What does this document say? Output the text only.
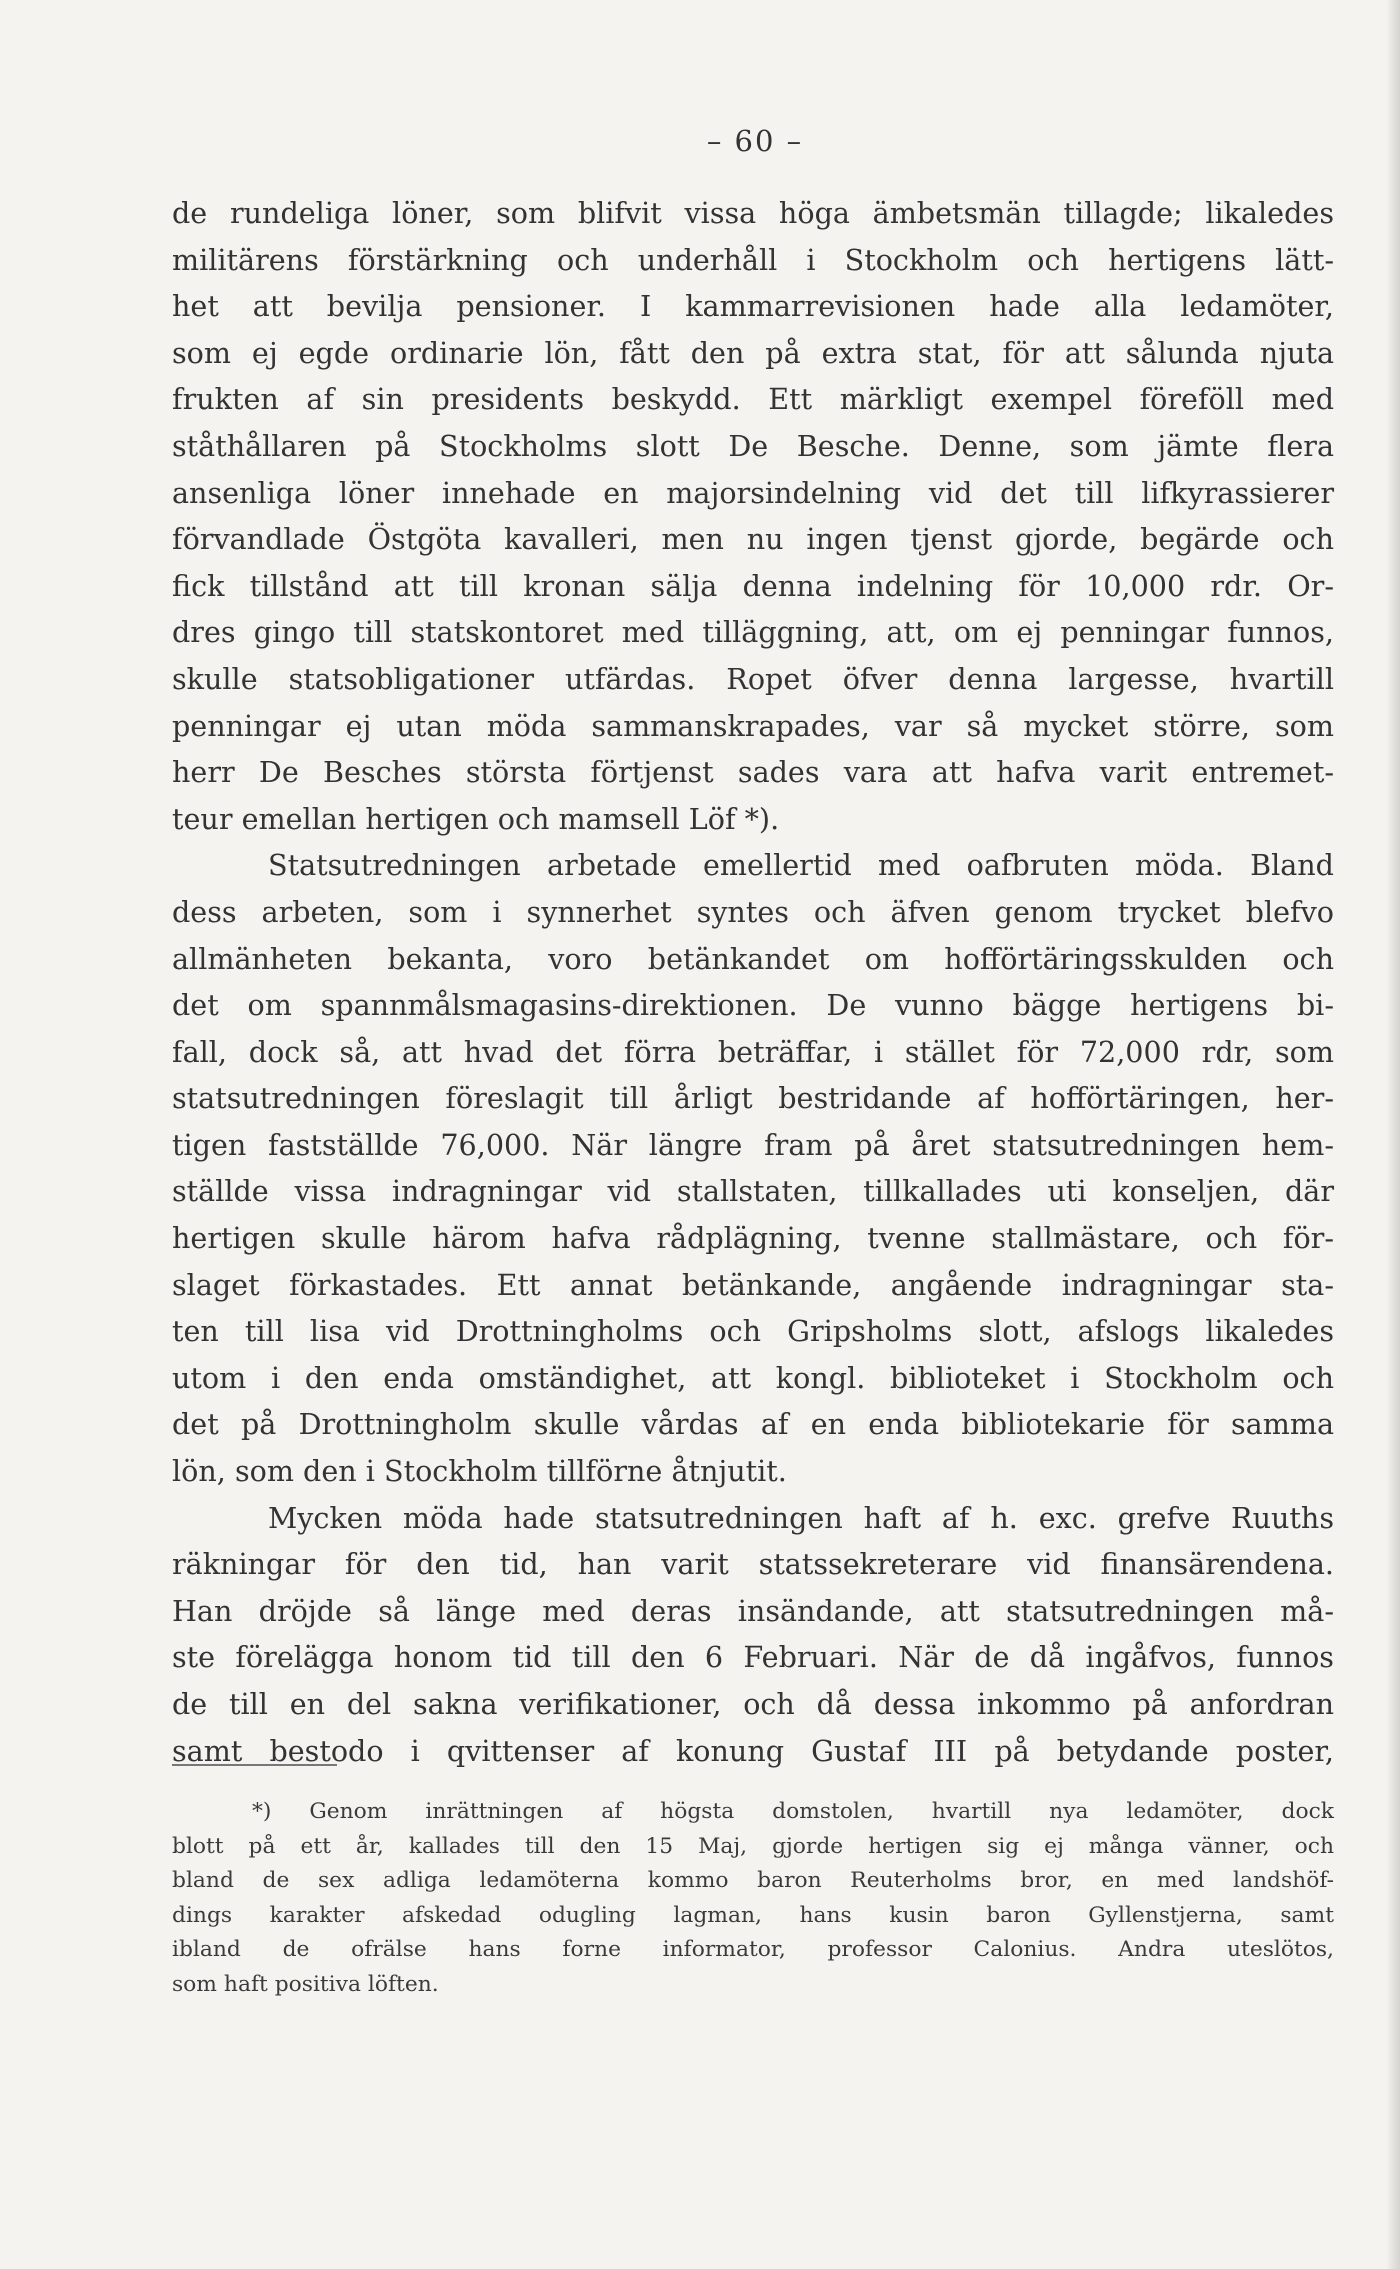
– 60 –
de rundeliga löner, som blifvit vissa höga ämbetsmän tillagde; likaledes
militärens förstärkning och underhåll i Stockholm och hertigens lätt-
het att bevilja pensioner. I kammarrevisionen hade alla ledamöter,
som ej egde ordinarie lön, fått den på extra stat, för att sålunda njuta
frukten af sin presidents beskydd. Ett märkligt exempel föreföll med
ståthållaren på Stockholms slott De Besche. Denne, som jämte flera
ansenliga löner innehade en majorsindelning vid det till lifkyrassierer
förvandlade Östgöta kavalleri, men nu ingen tjenst gjorde, begärde och
fick tillstånd att till kronan sälja denna indelning för 10,000 rdr. Or-
dres gingo till statskontoret med tilläggning, att, om ej penningar funnos,
skulle statsobligationer utfärdas. Ropet öfver denna largesse, hvartill
penningar ej utan möda sammanskrapades, var så mycket större, som
herr De Besches största förtjenst sades vara att hafva varit entremet-
teur emellan hertigen och mamsell Löf *).
Statsutredningen arbetade emellertid med oafbruten möda. Bland
dess arbeten, som i synnerhet syntes och äfven genom trycket blefvo
allmänheten bekanta, voro betänkandet om hofförtäringsskulden och
det om spannmålsmagasins-direktionen. De vunno bägge hertigens bi-
fall, dock så, att hvad det förra beträffar, i stället för 72,000 rdr, som
statsutredningen föreslagit till årligt bestridande af hofförtäringen, her-
tigen fastställde 76,000. När längre fram på året statsutredningen hem-
ställde vissa indragningar vid stallstaten, tillkallades uti konseljen, där
hertigen skulle härom hafva rådplägning, tvenne stallmästare, och för-
slaget förkastades. Ett annat betänkande, angående indragningar sta-
ten till lisa vid Drottningholms och Gripsholms slott, afslogs likaledes
utom i den enda omständighet, att kongl. biblioteket i Stockholm och
det på Drottningholm skulle vårdas af en enda bibliotekarie för samma
lön, som den i Stockholm tillförne åtnjutit.
Mycken möda hade statsutredningen haft af h. exc. grefve Ruuths
räkningar för den tid, han varit statssekreterare vid finansärendena.
Han dröjde så länge med deras insändande, att statsutredningen må-
ste förelägga honom tid till den 6 Februari. När de då ingåfvos, funnos
de till en del sakna verifikationer, och då dessa inkommo på anfordran
samt bestodo i qvittenser af konung Gustaf III på betydande poster,
*) Genom inrättningen af högsta domstolen, hvartill nya ledamöter, dock
blott på ett år, kallades till den 15 Maj, gjorde hertigen sig ej många vänner, och
bland de sex adliga ledamöterna kommo baron Reuterholms bror, en med landshöf-
dings karakter afskedad odugling lagman, hans kusin baron Gyllenstjerna, samt
ibland de ofrälse hans forne informator, professor Calonius. Andra uteslötos,
som haft positiva löften.
